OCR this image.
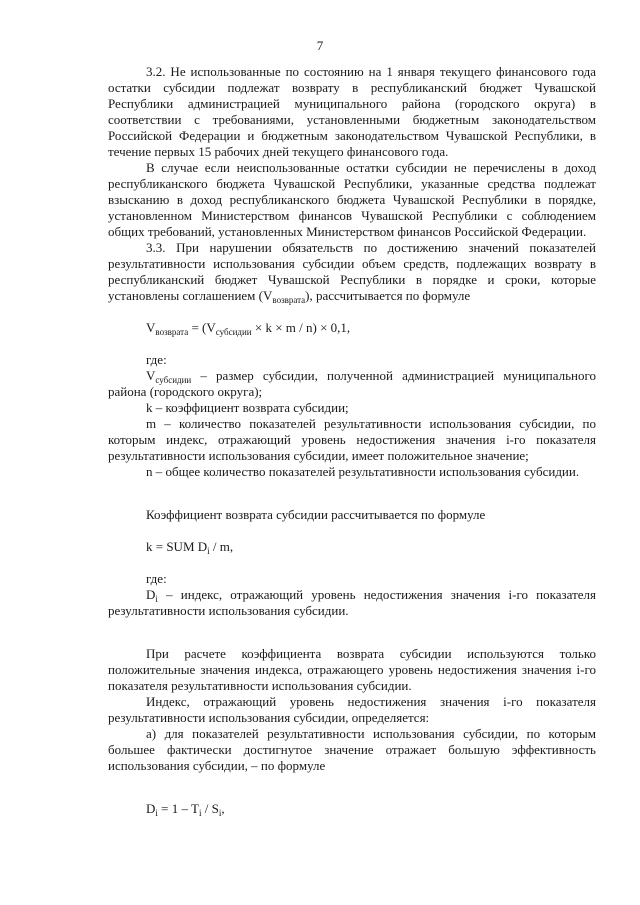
7

3.2. Не использованные по состоянию на 1 января текущего финансового года остатки субсидии подлежат возврату в республиканский бюджет Чувашской Республики администрацией муниципального района (городского округа) в соответствии с требованиями, установленными бюджетным законодательством Российской Федерации и бюджетным законодательством Чувашской Республики, в течение первых 15 рабочих дней текущего финансового года.

В случае если неиспользованные остатки субсидии не перечислены в доход республиканского бюджета Чувашской Республики, указанные средства подлежат взысканию в доход республиканского бюджета Чувашской Республики в порядке, установленном Министерством финансов Чувашской Республики с соблюдением общих требований, установленных Министерством финансов Российской Федерации.

3.3. При нарушении обязательств по достижению значений показателей результативности использования субсидии объем средств, подлежащих возврату в республиканский бюджет Чувашской Республики в порядке и сроки, которые установлены соглашением $(V_{возврата})$, рассчитывается по формуле

$V_{возврата} = (V_{субсидии} \times k \times m / n) \times 0,1$,

где:

$V_{субсидии}$ – размер субсидии, полученной администрацией муниципального района (городского округа);

k – коэффициент возврата субсидии;

m – количество показателей результативности использования субсидии, по которым индекс, отражающий уровень недостижения значения i-го показателя результативности использования субсидии, имеет положительное значение;

n – общее количество показателей результативности использования субсидии.

Коэффициент возврата субсидии рассчитывается по формуле

k = SUM $D_i$ / m,

где:

$D_i$ – индекс, отражающий уровень недостижения значения i-го показателя результативности использования субсидии.

При расчете коэффициента возврата субсидии используются только положительные значения индекса, отражающего уровень недостижения значения i-го показателя результативности использования субсидии.

Индекс, отражающий уровень недостижения значения i-го показателя результативности использования субсидии, определяется:

а) для показателей результативности использования субсидии, по которым большее фактически достигнутое значение отражает большую эффективность использования субсидии, – по формуле

$D_i = 1 - T_i / S_i$,
